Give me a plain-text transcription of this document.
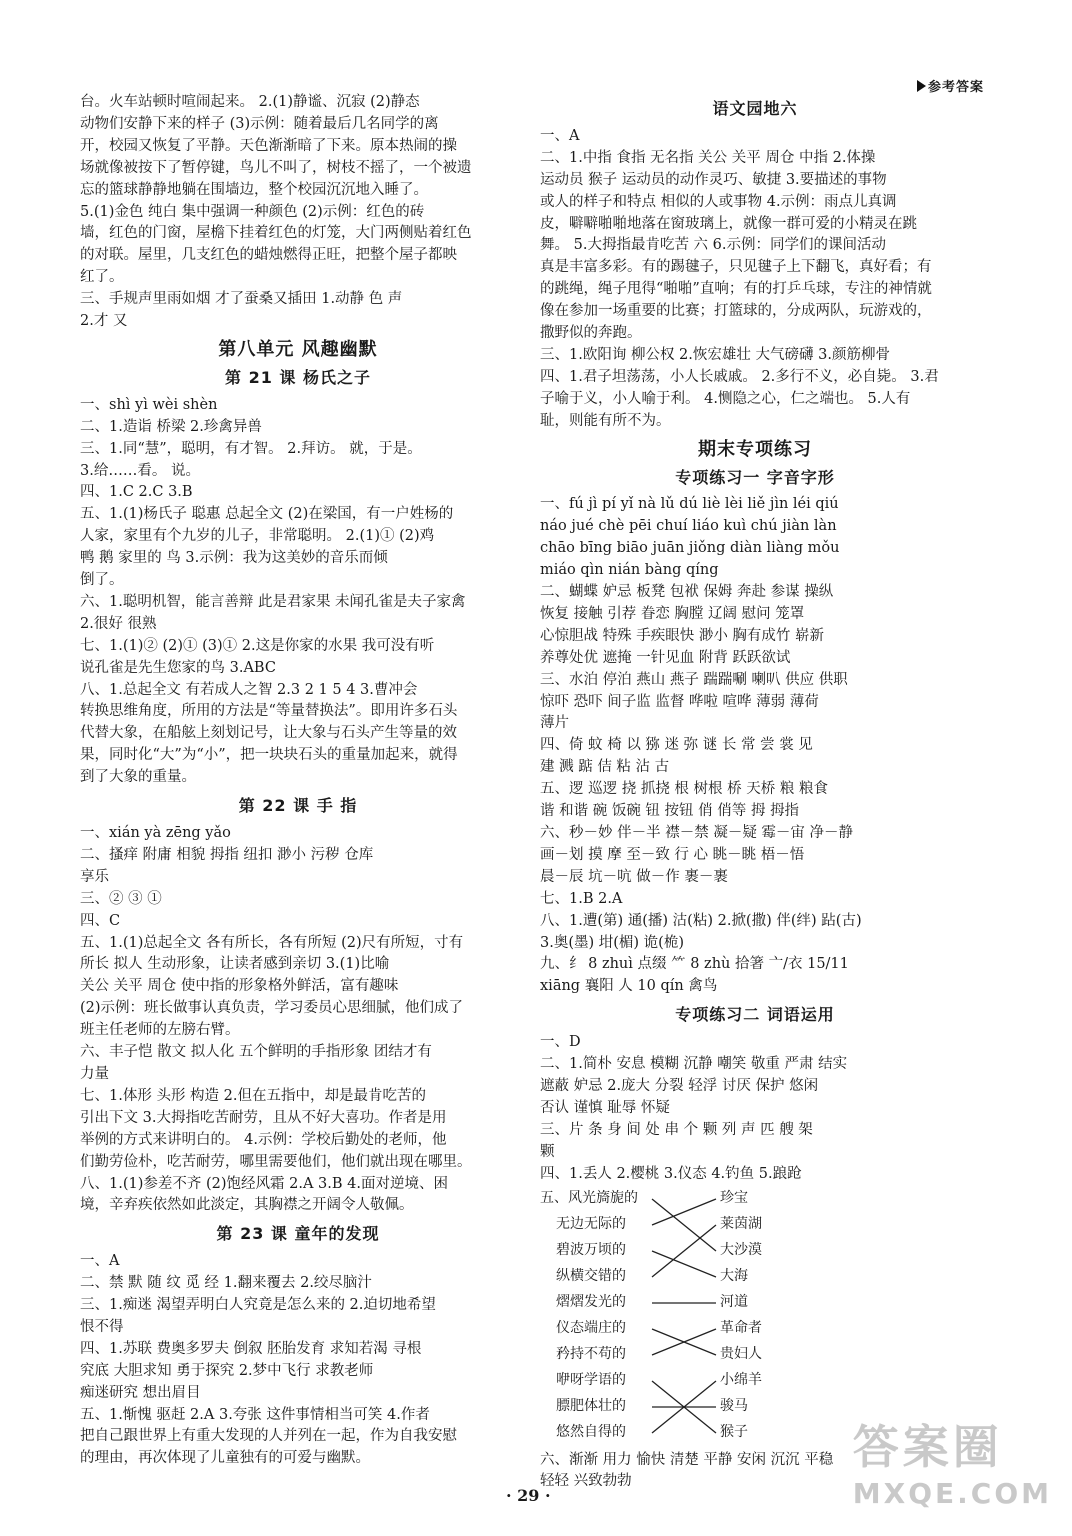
参考答案
台。火车站顿时喧闹起来。 2.(1)静谧、沉寂 (2)静态
动物们安静下来的样子 (3)示例：随着最后几名同学的离
开，校园又恢复了平静。天色渐渐暗了下来。原本热闹的操
场就像被按下了暂停键，鸟儿不叫了，树枝不摇了，一个被遗
忘的篮球静静地躺在围墙边，整个校园沉沉地入睡了。
5.(1)金色 纯白 集中强调一种颜色 (2)示例：红色的砖
墙，红色的门窗，屋檐下挂着红色的灯笼，大门两侧贴着红色
的对联。屋里，几支红色的蜡烛燃得正旺，把整个屋子都映
红了。
三、手规声里雨如烟 才了蚕桑又插田 1.动静 色 声
2.才 又
第八单元 风趣幽默
第 21 课 杨氏之子
一、shì yì wèi shèn
二、1.造诣 桥梁 2.珍禽异兽
三、1.同“慧”，聪明，有才智。 2.拜访。 就，于是。
3.给……看。 说。
四、1.C 2.C 3.B
五、1.(1)杨氏子 聪惠 总起全文 (2)在梁国，有一户姓杨的
人家，家里有个九岁的儿子，非常聪明。 2.(1)① (2)鸡
鸭 鹅 家里的 鸟 3.示例：我为这美妙的音乐而倾
倒了。
六、1.聪明机智，能言善辩 此是君家果 未闻孔雀是夫子家禽
2.很好 很熟
七、1.(1)② (2)① (3)① 2.这是你家的水果 我可没有听
说孔雀是先生您家的鸟 3.ABC
八、1.总起全文 有若成人之智 2.3 2 1 5 4 3.曹冲会
转换思维角度，所用的方法是“等量替换法”。即用许多石头
代替大象，在船舷上刻划记号，让大象与石头产生等量的效
果，同时化“大”为“小”，把一块块石头的重量加起来，就得
到了大象的重量。
第 22 课 手 指
一、xián yà zēng yǎo
二、搔痒 附庸 相貌 拇指 纽扣 渺小 污秽 仓库
享乐
三、② ③ ①
四、C
五、1.(1)总起全文 各有所长，各有所短 (2)尺有所短，寸有
所长 拟人 生动形象，让读者感到亲切 3.(1)比喻
关公 关平 周仓 使中指的形象格外鲜活，富有趣味
(2)示例：班长做事认真负责，学习委员心思细腻，他们成了
班主任老师的左膀右臂。
六、丰子恺 散文 拟人化 五个鲜明的手指形象 团结才有
力量
七、1.体形 头形 构造 2.但在五指中，却是最肯吃苦的
引出下文 3.大拇指吃苦耐劳，且从不好大喜功。作者是用
举例的方式来讲明白的。 4.示例：学校后勤处的老师，他
们勤劳俭朴，吃苦耐劳，哪里需要他们，他们就出现在哪里。
八、1.(1)参差不齐 (2)饱经风霜 2.A 3.B 4.面对逆境、困
境，辛弃疾依然如此淡定，其胸襟之开阔令人敬佩。
第 23 课 童年的发现
一、A
二、禁 默 随 纹 觅 经 1.翻来覆去 2.绞尽脑汁
三、1.痴迷 渴望弄明白人究竟是怎么来的 2.迫切地希望
恨不得
四、1.苏联 费奥多罗夫 倒叙 胚胎发育 求知若渴 寻根
究底 大胆求知 勇于探究 2.梦中飞行 求教老师
痴迷研究 想出眉目
五、1.惭愧 驱赶 2.A 3.夸张 这件事情相当可笑 4.作者
把自己跟世界上有重大发现的人并列在一起，作为自我安慰
的理由，再次体现了儿童独有的可爱与幽默。
语文园地六
一、A
二、1.中指 食指 无名指 关公 关平 周仓 中指 2.体操
运动员 猴子 运动员的动作灵巧、敏捷 3.要描述的事物
或人的样子和特点 相似的人或事物 4.示例：雨点儿真调
皮，噼噼啪啪地落在窗玻璃上，就像一群可爱的小精灵在跳
舞。 5.大拇指最肯吃苦 六 6.示例：同学们的课间活动
真是丰富多彩。有的踢毽子，只见毽子上下翻飞，真好看；有
的跳绳，绳子甩得“啪啪”直响；有的打乒乓球，专注的神情就
像在参加一场重要的比赛；打篮球的，分成两队，玩游戏的，
撒野似的奔跑。
三、1.欧阳询 柳公权 2.恢宏雄壮 大气磅礴 3.颜筋柳骨
四、1.君子坦荡荡，小人长戚戚。 2.多行不义，必自毙。 3.君
子喻于义，小人喻于利。 4.恻隐之心，仁之端也。 5.人有
耻，则能有所不为。
期末专项练习
专项练习一 字音字形
一、fú jì pí yǐ nà lǔ dú liè lèi liě jìn léi qiú
náo jué chè pēi chuí liáo kuì chú jiàn làn
chāo bīng biāo juān jiǒng diàn liàng mǒu
miáo qìn nián bàng qíng
二、蝴蝶 妒忌 板凳 包袱 保姆 奔赴 参谋 操纵
恢复 接触 引荐 眷恋 胸膛 辽阔 慰问 笼罩
心惊胆战 特殊 手疾眼快 渺小 胸有成竹 崭新
养尊处优 遮掩 一针见血 附背 跃跃欲试
三、水泊 停泊 燕山 燕子 踹踹唰 喇叭 供应 供职
惊吓 恐吓 间子监 监督 哗啦 喧哗 薄弱 薄荷
薄片
四、倚 蚊 椅 以 猕 迷 弥 谜 长 常 尝 裳 见
建 溅 踮 佶 粘 沾 古
五、逻 巡逻 挠 抓挠 根 树根 桥 天桥 粮 粮食
谐 和谐 碗 饭碗 钮 按钮 俏 俏等 拇 拇指
六、秒－妙 伴－半 襟－禁 凝－疑 霉－宙 净－静
画－划 摸 摩 至－致 行 心 眺－眺 梧－悟
晨－辰 坑－吭 做－作 裹－裹
七、1.B 2.A
八、1.遭(第) 通(播) 沽(粘) 2.掀(撒) 伴(绊) 跕(古)
3.奥(墨) 坩(楣) 诡(桅)
九、纟 8 zhuì 点缀 ⺮ 8 zhù 拾箸 亠/衣 15/11
xiāng 襄阳 人 10 qín 禽鸟
专项练习二 词语运用
一、D
二、1.简朴 安息 模糊 沉静 嘲笑 敬重 严肃 结实
遮蔽 妒忌 2.庞大 分裂 轻浮 讨厌 保护 悠闲
否认 谨慎 耻辱 怀疑
三、片 条 身 间 处 串 个 颗 列 声 匹 艘 架
颗
四、1.丢人 2.樱桃 3.仪态 4.钓鱼 5.踉跄
五、风光旖旎的
无边无际的
碧波万顷的
纵横交错的
熠熠发光的
仪态端庄的
矜持不苟的
咿呀学语的
膘肥体壮的
悠然自得的
珍宝
莱茵湖
大沙漠
大海
河道
革命者
贵妇人
小绵羊
骏马
猴子
六、渐渐 用力 愉快 清楚 平静 安闲 沉沉 平稳
轻轻 兴致勃勃
· 29 ·
答案圈
MXQE.COM
